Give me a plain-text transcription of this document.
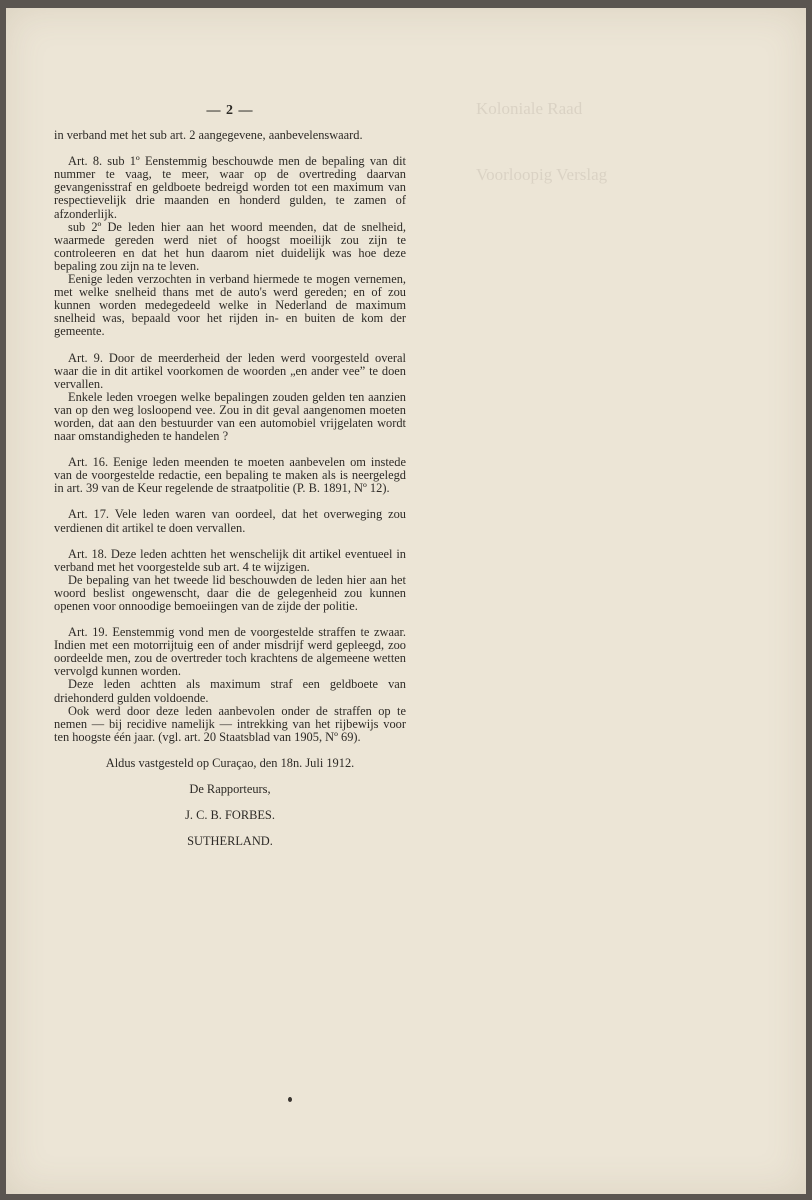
Koloniale Raad
Voorloopig Verslag
— 2 —

in verband met het sub art. 2 aangegevene, aanbevelenswaard.

Art. 8. sub 1º Eenstemmig beschouwde men de bepaling van dit nummer te vaag, te meer, waar op de overtreding daarvan gevangenisstraf en geldboete bedreigd worden tot een maximum van respectievelijk drie maanden en honderd gulden, te zamen of afzonderlijk.

sub 2º De leden hier aan het woord meenden, dat de snelheid, waarmede gereden werd niet of hoogst moeilijk zou zijn te controleeren en dat het hun daarom niet duidelijk was hoe deze bepaling zou zijn na te leven.

Eenige leden verzochten in verband hiermede te mogen vernemen, met welke snelheid thans met de auto's werd gereden; en of zou kunnen worden medegedeeld welke in Nederland de maximum snelheid was, bepaald voor het rijden in- en buiten de kom der gemeente.

Art. 9. Door de meerderheid der leden werd voorgesteld overal waar die in dit artikel voorkomen de woorden „en ander vee” te doen vervallen.

Enkele leden vroegen welke bepalingen zouden gelden ten aanzien van op den weg losloopend vee. Zou in dit geval aangenomen moeten worden, dat aan den bestuurder van een automobiel vrijgelaten wordt naar omstandigheden te handelen ?

Art. 16. Eenige leden meenden te moeten aanbevelen om instede van de voorgestelde redactie, een bepaling te maken als is neergelegd in art. 39 van de Keur regelende de straatpolitie (P. B. 1891, Nº 12).

Art. 17. Vele leden waren van oordeel, dat het overweging zou verdienen dit artikel te doen vervallen.

Art. 18. Deze leden achtten het wenschelijk dit artikel eventueel in verband met het voorgestelde sub art. 4 te wijzigen.

De bepaling van het tweede lid beschouwden de leden hier aan het woord beslist ongewenscht, daar die de gelegenheid zou kunnen openen voor onnoodige bemoeiingen van de zijde der politie.

Art. 19. Eenstemmig vond men de voorgestelde straffen te zwaar. Indien met een motorrijtuig een of ander misdrijf werd gepleegd, zoo oordeelde men, zou de overtreder toch krachtens de algemeene wetten vervolgd kunnen worden.

Deze leden achtten als maximum straf een geldboete van driehonderd gulden voldoende.

Ook werd door deze leden aanbevolen onder de straffen op te nemen — bij recidive namelijk — intrekking van het rijbewijs voor ten hoogste één jaar. (vgl. art. 20 Staatsblad van 1905, Nº 69).

Aldus vastgesteld op Curaçao, den 18n. Juli 1912.
De Rapporteurs,
J. C. B. FORBES.
SUTHERLAND.
